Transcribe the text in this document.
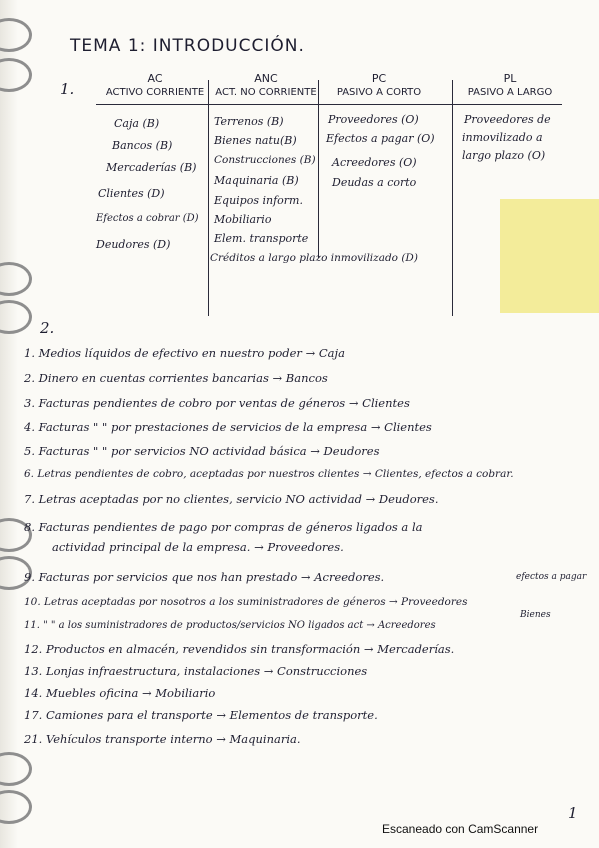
TEMA 1: INTRODUCCIÓN.
1.
AC
ACTIVO CORRIENTE
ANC
ACT. NO CORRIENTE
PC
PASIVO A CORTO
PL
PASIVO A LARGO
Caja (B)
Bancos (B)
Mercaderías (B)
Clientes (D)
Efectos a cobrar (D)
Deudores (D)
Terrenos (B)
Bienes natu(B)
Construcciones (B)
Maquinaria (B)
Equipos inform.
Mobiliario
Elem. transporte
Créditos a largo plazo inmovilizado (D)
Proveedores (O)
Efectos a pagar (O)
Acreedores (O)
Deudas a corto
Proveedores de
inmovilizado a
largo plazo (O)
2.
1. Medios líquidos de efectivo en nuestro poder → Caja
2. Dinero en cuentas corrientes bancarias → Bancos
3. Facturas pendientes de cobro por ventas de géneros → Clientes
4. Facturas " " por prestaciones de servicios de la empresa → Clientes
5. Facturas " " por servicios NO actividad básica → Deudores
6. Letras pendientes de cobro, aceptadas por nuestros clientes → Clientes, efectos a cobrar.
7. Letras aceptadas por no clientes, servicio NO actividad → Deudores.
8. Facturas pendientes de pago por compras de géneros ligados a la
actividad principal de la empresa. → Proveedores.
9. Facturas por servicios que nos han prestado → Acreedores.
10. Letras aceptadas por nosotros a los suministradores de géneros → Proveedores
11. " " a los suministradores de productos/servicios NO ligados act → Acreedores
12. Productos en almacén, revendidos sin transformación → Mercaderías.
13. Lonjas infraestructura, instalaciones → Construcciones
14. Muebles oficina → Mobiliario
17. Camiones para el transporte → Elementos de transporte.
21. Vehículos transporte interno → Maquinaria.
efectos a pagar
Bienes
1
Escaneado con CamScanner
